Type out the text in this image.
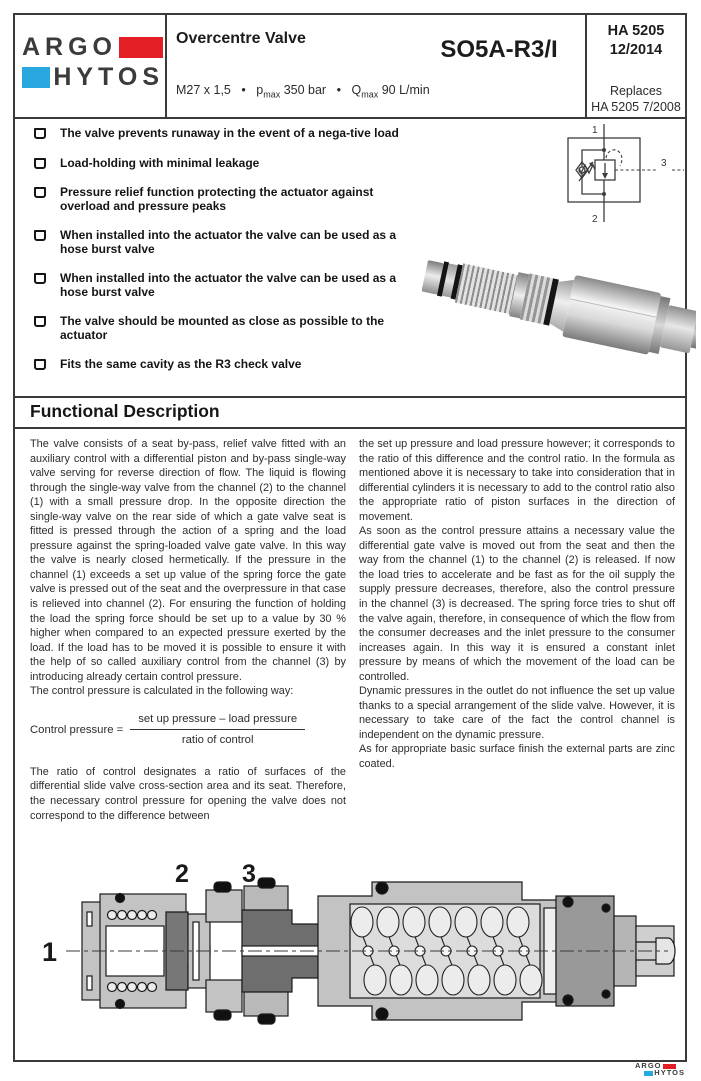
ARGO
HYTOS
Overcentre Valve	SO5A-R3/I
M27 x 1,5 • $p_{max}$ 350 bar • $Q_{max}$ 90 L/min
HA 5205
12/2014
Replaces
HA 5205 7/2008
The valve prevents runaway in the event of a nega-tive load
Load-holding with minimal leakage
Pressure relief function protecting the actuator against overload and pressure peaks
When installed into the actuator the valve can be used as a hose burst valve
When installed into the actuator the valve can be used as a hose burst valve
The valve should be mounted as close as possible to the actuator
Fits the same cavity as the R3 check valve
1
2
3
Functional Description

The valve consists of a seat by-pass, relief valve fitted with an auxiliary control with a differential piston and by-pass single-way valve serving for reverse direction of flow. The liquid is flowing through the single-way valve from the channel (2) to the channel (1) with a small pressure drop. In the opposite direction the single-way valve on the rear side of which a gate valve seat is fitted is pressed through the action of a spring and the load pressure against the spring-loaded valve gate valve. In this way the valve is nearly closed hermetically. If the pressure in the channel (1) exceeds a set up value of the spring force the gate valve is pressed out of the seat and the overpressure in that case is relieved into channel (2). For ensuring the function of holding the load the spring force should be set up to a value by 30 % higher when compared to an expected pressure exerted by the load. If the load has to be moved it is possible to ensure it with the help of so called auxiliary control from the channel (3) by introducing already certain control pressure.

The control pressure is calculated in the following way:

Control pressure = $\frac{\text{set up pressure – load pressure}}{\text{ratio of control}}$

The ratio of control designates a ratio of surfaces of the differential slide valve cross-section area and its seat. Therefore, the necessary control pressure for opening the valve does not correspond to the difference between

the set up pressure and load pressure however; it corresponds to the ratio of this difference and the control ratio. In the formula as mentioned above it is necessary to take into consideration that in differential cylinders it is necessary to add to the control ratio also the appropriate ratio of piston surfaces in the direction of movement.

As soon as the control pressure attains a necessary value the differential gate valve is moved out from the seat and then the way from the channel (1) to the channel (2) is released. If now the load tries to accelerate and be fast as for the oil supply the supply pressure decreases, therefore, also the control pressure in the channel (3) is decreased. The spring force tries to shut off the valve again, therefore, in consequence of which the flow from the consumer decreases and the inlet pressure to the consumer increases again. In this way it is ensured a constant inlet pressure by means of which the movement of the load can be controlled.

Dynamic pressures in the outlet do not influence the set up value thanks to a special arrangement of the slide valve. However, it is necessary to take care of the fact the control channel is independent on the dynamic pressure.

As for appropriate basic surface finish the external parts are zinc coated.

1
2 3
ARGO
HYTOS
